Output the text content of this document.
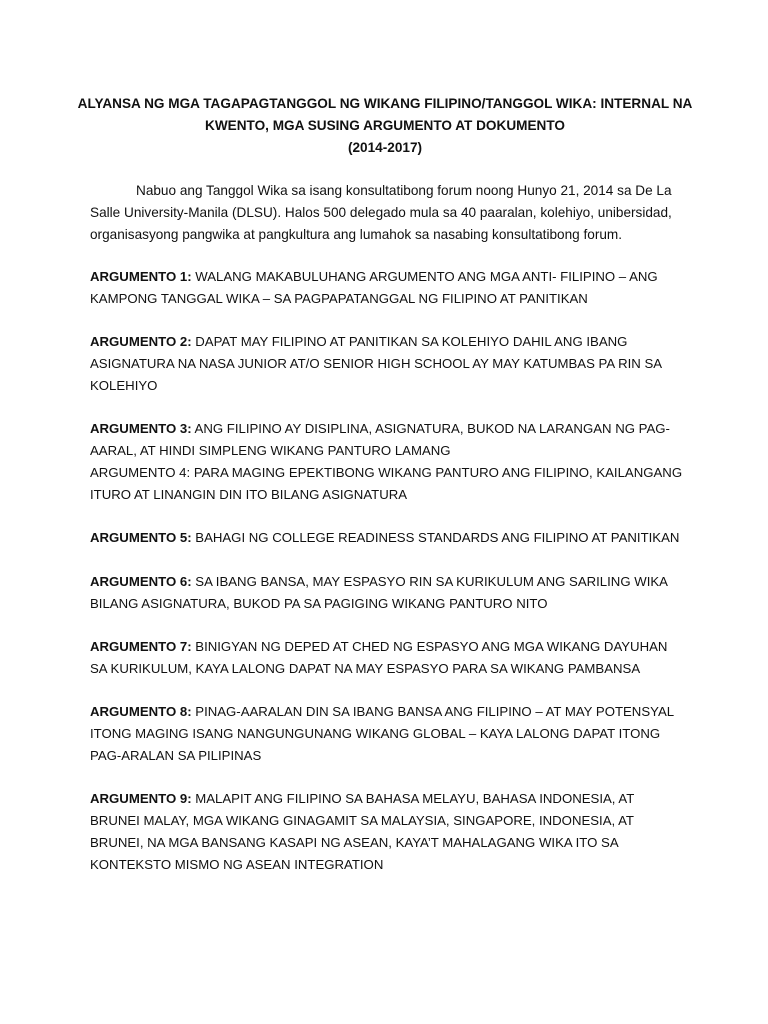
ALYANSA NG MGA TAGAPAGTANGGOL NG WIKANG FILIPINO/TANGGOL WIKA: INTERNAL NA
KWENTO, MGA SUSING ARGUMENTO AT DOKUMENTO
(2014-2017)

Nabuo ang Tanggol Wika sa isang konsultatibong forum noong Hunyo 21, 2014 sa De La Salle University-Manila (DLSU). Halos 500 delegado mula sa 40 paaralan, kolehiyo, unibersidad, organisasyong pangwika at pangkultura ang lumahok sa nasabing konsultatibong forum.

ARGUMENTO 1: WALANG MAKABULUHANG ARGUMENTO ANG MGA ANTI- FILIPINO – ANG KAMPONG TANGGAL WIKA – SA PAGPAPATANGGAL NG FILIPINO AT PANITIKAN

ARGUMENTO 2: DAPAT MAY FILIPINO AT PANITIKAN SA KOLEHIYO DAHIL ANG IBANG ASIGNATURA NA NASA JUNIOR AT/O SENIOR HIGH SCHOOL AY MAY KATUMBAS PA RIN SA KOLEHIYO

ARGUMENTO 3: ANG FILIPINO AY DISIPLINA, ASIGNATURA, BUKOD NA LARANGAN NG PAG-AARAL, AT HINDI SIMPLENG WIKANG PANTURO LAMANG

ARGUMENTO 4: PARA MAGING EPEKTIBONG WIKANG PANTURO ANG FILIPINO, KAILANGANG ITURO AT LINANGIN DIN ITO BILANG ASIGNATURA

ARGUMENTO 5: BAHAGI NG COLLEGE READINESS STANDARDS ANG FILIPINO AT PANITIKAN

ARGUMENTO 6: SA IBANG BANSA, MAY ESPASYO RIN SA KURIKULUM ANG SARILING WIKA BILANG ASIGNATURA, BUKOD PA SA PAGIGING WIKANG PANTURO NITO

ARGUMENTO 7: BINIGYAN NG DEPED AT CHED NG ESPASYO ANG MGA WIKANG DAYUHAN SA KURIKULUM, KAYA LALONG DAPAT NA MAY ESPASYO PARA SA WIKANG PAMBANSA

ARGUMENTO 8: PINAG-AARALAN DIN SA IBANG BANSA ANG FILIPINO – AT MAY POTENSYAL ITONG MAGING ISANG NANGUNGUNANG WIKANG GLOBAL – KAYA LALONG DAPAT ITONG PAG-ARALAN SA PILIPINAS

ARGUMENTO 9: MALAPIT ANG FILIPINO SA BAHASA MELAYU, BAHASA INDONESIA, AT BRUNEI MALAY, MGA WIKANG GINAGAMIT SA MALAYSIA, SINGAPORE, INDONESIA, AT BRUNEI, NA MGA BANSANG KASAPI NG ASEAN, KAYA’T MAHALAGANG WIKA ITO SA KONTEKSTO MISMO NG ASEAN INTEGRATION
